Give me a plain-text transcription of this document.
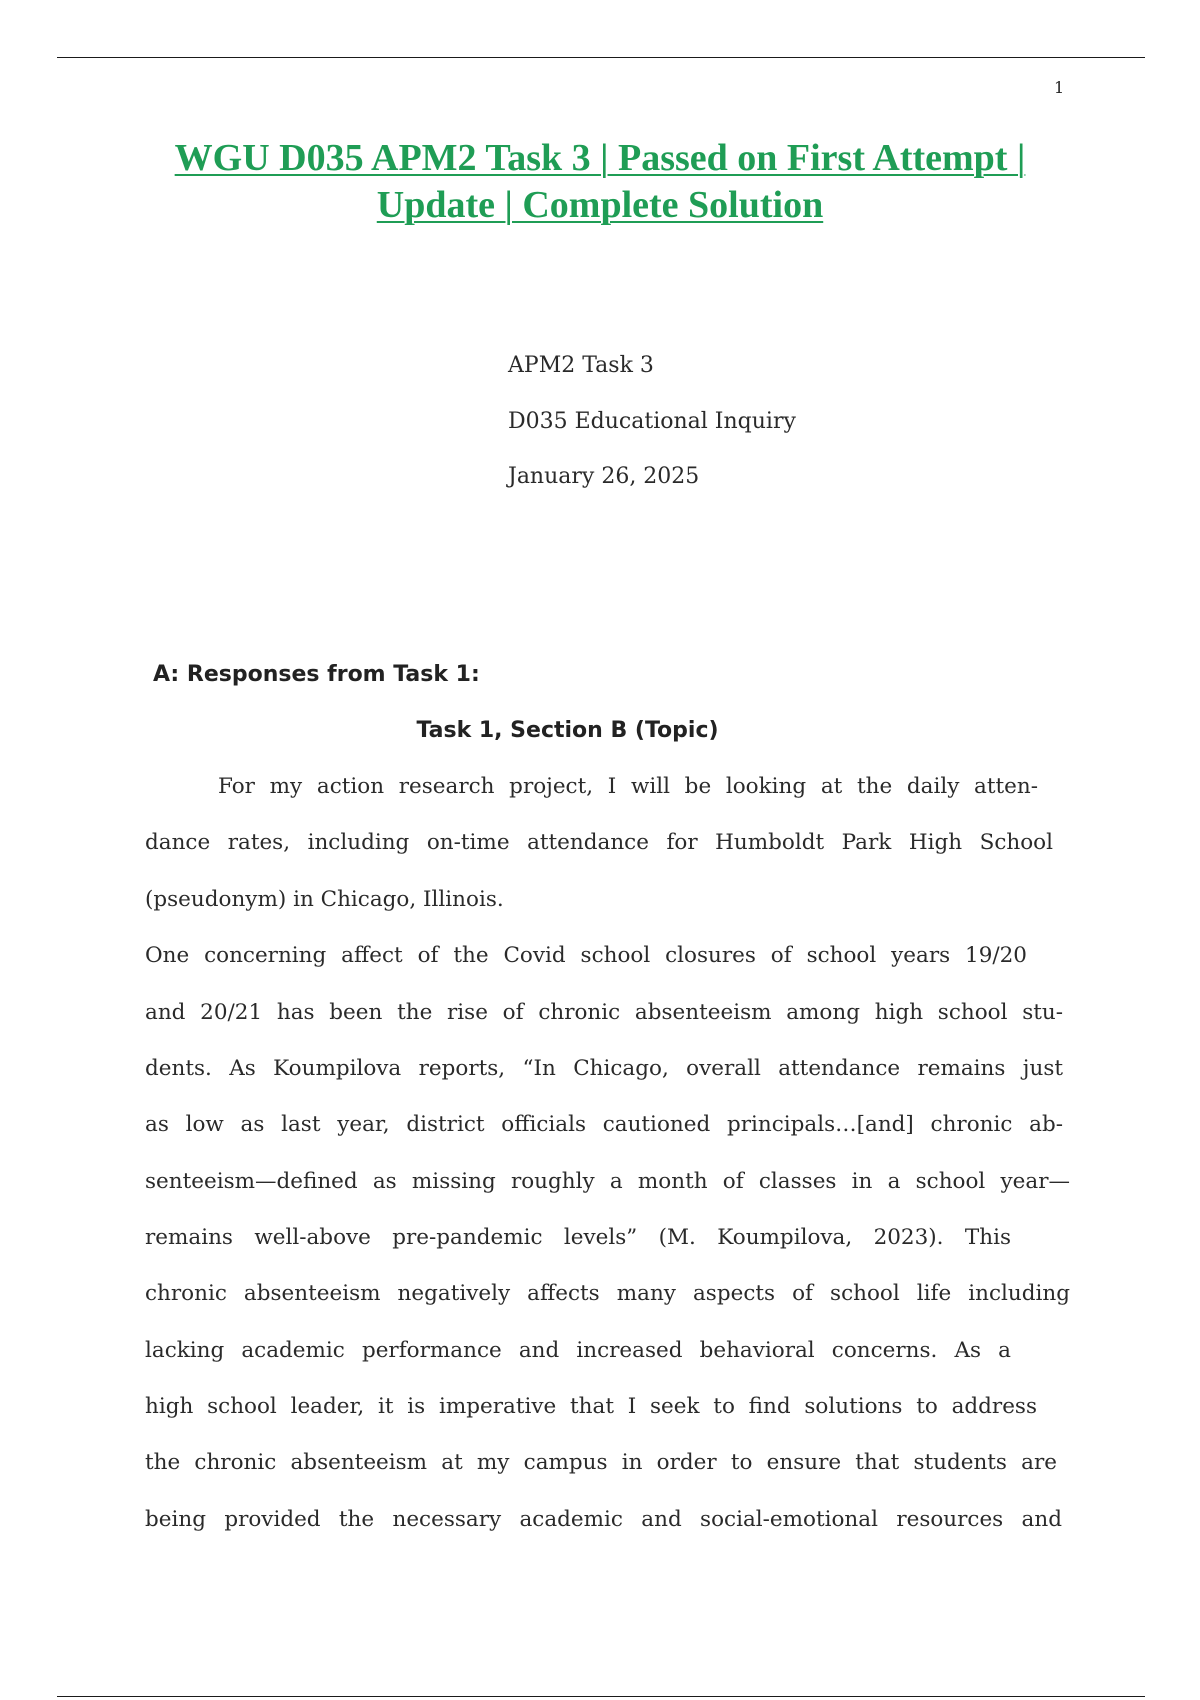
1
WGU D035 APM2 Task 3 | Passed on First Attempt |
Update | Complete Solution
APM2 Task 3
D035 Educational Inquiry
January 26, 2025
A: Responses from Task 1:
Task 1, Section B (Topic)
For my action research project, I will be looking at the daily atten-
dance rates, including on-time attendance for Humboldt Park High School
(pseudonym) in Chicago, Illinois.
One concerning affect of the Covid school closures of school years 19/20
and 20/21 has been the rise of chronic absenteeism among high school stu-
dents. As Koumpilova reports, “In Chicago, overall attendance remains just
as low as last year, district officials cautioned principals…[and] chronic ab-
senteeism—defined as missing roughly a month of classes in a school year—
remains well-above pre-pandemic levels” (M. Koumpilova, 2023). This
chronic absenteeism negatively affects many aspects of school life including
lacking academic performance and increased behavioral concerns. As a
high school leader, it is imperative that I seek to find solutions to address
the chronic absenteeism at my campus in order to ensure that students are
being provided the necessary academic and social-emotional resources and
